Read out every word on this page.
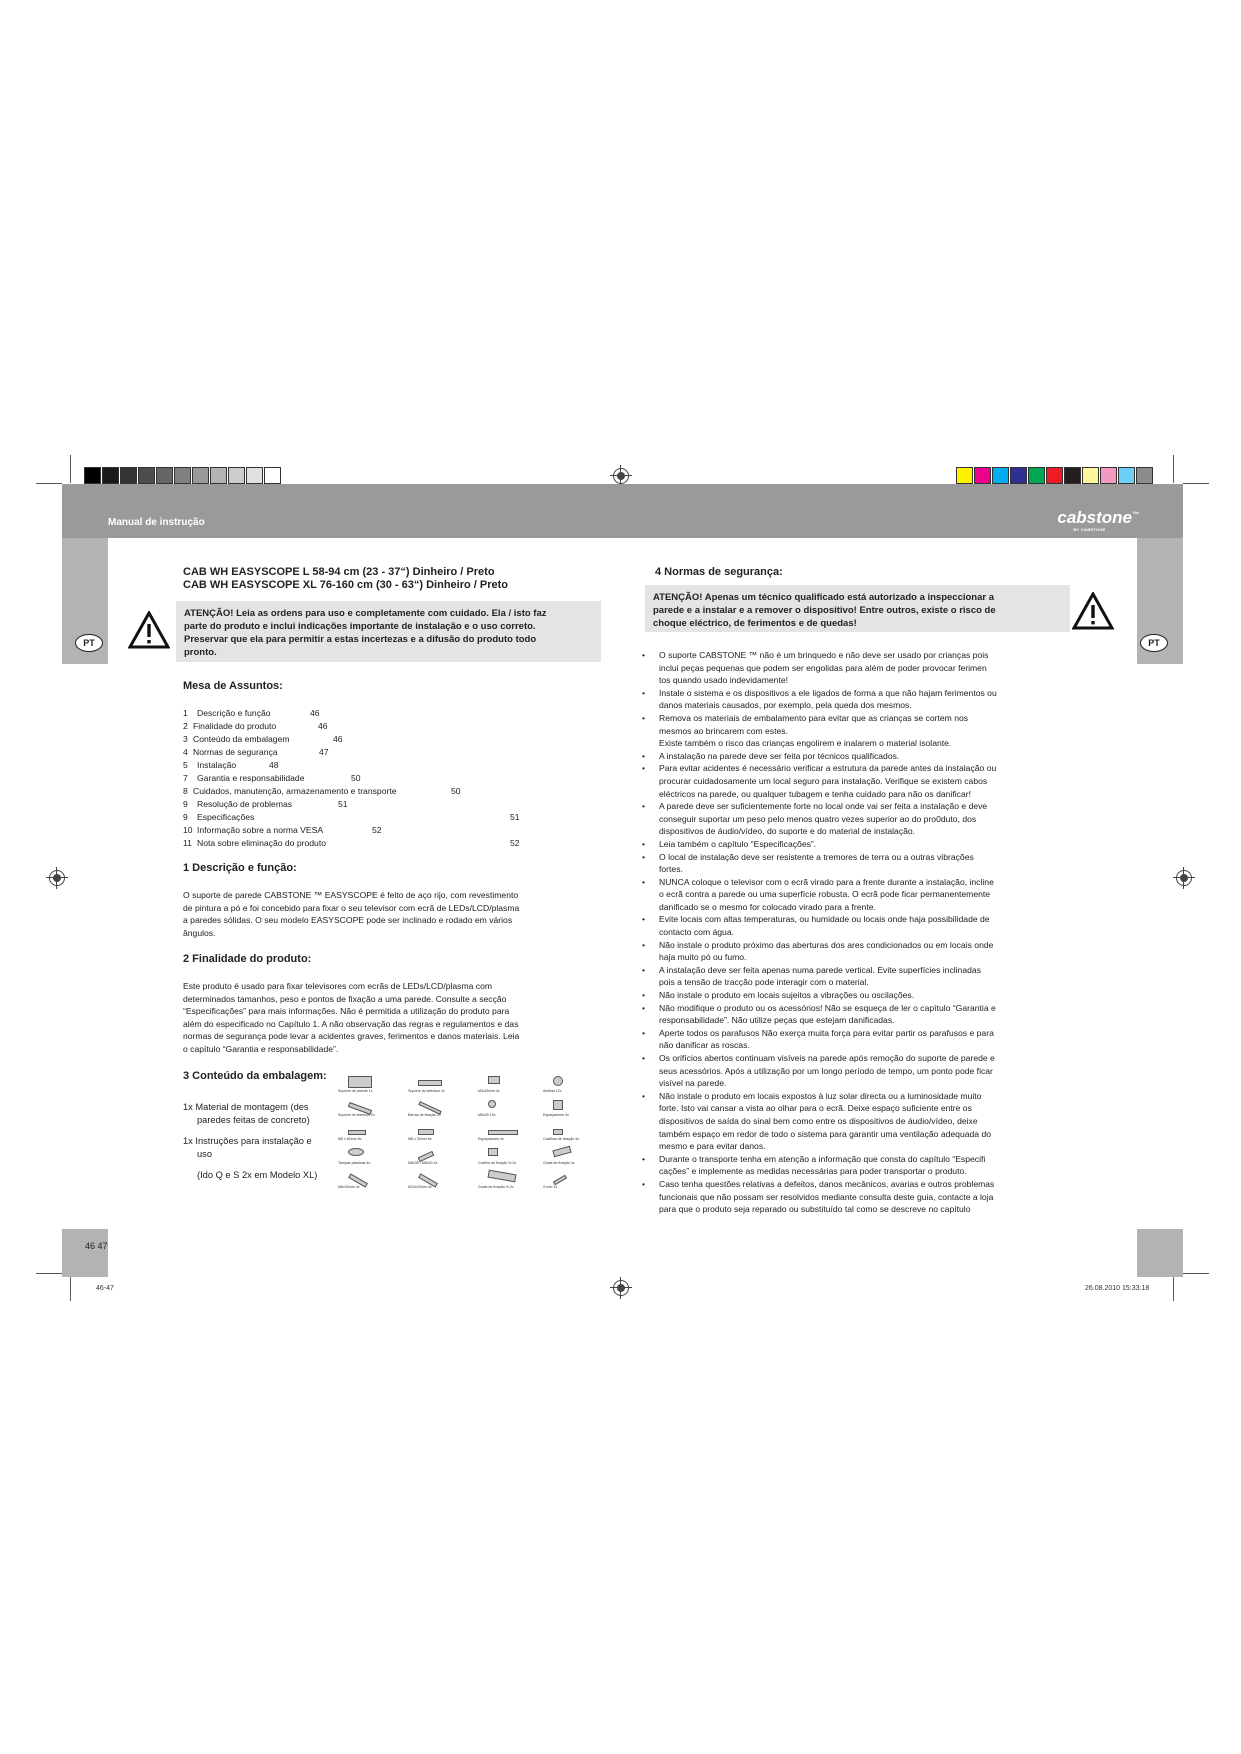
Manual de instrução	cabstone™
BY CABSTONE
PT	PT
CAB WH EASYSCOPE L 58-94 cm (23 - 37“) Dinheiro / Preto
CAB WH EASYSCOPE XL 76-160 cm (30 - 63“) Dinheiro / Preto
ATENÇÃO! Leia as ordens para uso e completamente com cuidado. Ela / isto faz
parte do produto e inclui indicações importante de instalação e o uso correto.
Preservar que ela para permitir a estas incertezas e a difusão do produto todo
pronto.
Mesa de Assuntos:
1 Descrição e função	46
2 Finalidade do produto	46
3 Conteúdo da embalagem	46
4 Normas de segurança	47
5 Instalação	48
7 Garantia e responsabilidade	50
8 Cuidados, manutenção, armazenamento e transporte	50
9 Resolução de problemas	51
9 Especificações	51
10 Informação sobre a norma VESA	52
11 Nota sobre eliminação do produto	52
1 Descrição e função:
O suporte de parede CABSTONE ™ EASYSCOPE é feito de aço rijo, com revestimento
de pintura a pó e foi concebido para fixar o seu televisor com ecrã de LEDs/LCD/plasma
a paredes sólidas. O seu modelo EASYSCOPE pode ser inclinado e rodado em vários
ângulos.
2 Finalidade do produto:
Este produto é usado para fixar televisores com ecrãs de LEDs/LCD/plasma com
determinados tamanhos, peso e pontos de fixação a uma parede. Consulte a secção
“Especificações” para mais informações. Não é permitida a utilização do produto para
além do especificado no Capítulo 1. A não observação das regras e regulamentos e das
normas de segurança pode levar a acidentes graves, ferimentos e danos materiais. Leia
o capítulo “Garantia e responsabilidade”.
3 Conteúdo da embalagem:
1x Material de montagem (des
paredes feitas de concreto)
1x Instruções para instalação e
uso
(Ido Q e S 2x em Modelo XL)
Suporte de parede 1x	Suporte do televisor 2x	M4x25mm 4x	Anilhas 12x
Suporte do televisor 2x	Barras de fixação 2x	M5x25 10x	Espaçadores 4x
M6 x 60mm 8x	M8 x 30mm 8x	Espaçadores 4x	Cavilhas de fixação 4x
Tampas plásticas 4x	M8x35 / M8x40 4x	Cavilha de fixação ½-2x	Guias de fixação 4x
M6x30mm 4x	M10x20mm 4x	Guias de fixação ½-2x	S mm 1x
4 Normas de segurança:
ATENÇÃO! Apenas um técnico qualificado está autorizado a inspeccionar a
parede e a instalar e a remover o dispositivo! Entre outros, existe o risco de
choque eléctrico, de ferimentos e de quedas!
• O suporte CABSTONE ™ não é um brinquedo e não deve ser usado por crianças pois
inclui peças pequenas que podem ser engolidas para além de poder provocar ferimen
tos quando usado indevidamente!
• Instale o sistema e os dispositivos a ele ligados de forma a que não hajam ferimentos ou
danos materiais causados, por exemplo, pela queda dos mesmos.
• Remova os materiais de embalamento para evitar que as crianças se cortem nos
mesmos ao brincarem com estes.
Existe também o risco das crianças engolirem e inalarem o material isolante.
• A instalação na parede deve ser feita por técnicos qualificados.
• Para evitar acidentes é necessário verificar a estrutura da parede antes da instalação ou
procurar cuidadosamente um local seguro para instalação. Verifique se existem cabos
eléctricos na parede, ou qualquer tubagem e tenha cuidado para não os danificar!
• A parede deve ser suficientemente forte no local onde vai ser feita a instalação e deve
conseguir suportar um peso pelo menos quatro vezes superior ao do pro0duto, dos
dispositivos de áudio/vídeo, do suporte e do material de instalação.
• Leia também o capítulo “Especificações”.
• O local de instalação deve ser resistente a tremores de terra ou a outras vibrações
fortes.
• NUNCA coloque o televisor com o ecrã virado para a frente durante a instalação, incline
o ecrã contra a parede ou uma superfície robusta. O ecrã pode ficar permanentemente
danificado se o mesmo for colocado virado para a frente.
• Evite locais com altas temperaturas, ou humidade ou locais onde haja possibilidade de
contacto com água.
• Não instale o produto próximo das aberturas dos ares condicionados ou em locais onde
haja muito pó ou fumo.
• A instalação deve ser feita apenas numa parede vertical. Evite superfícies inclinadas
pois a tensão de tracção pode interagir com o material.
• Não instale o produto em locais sujeitos a vibrações ou oscilações.
• Não modifique o produto ou os acessórios! Não se esqueça de ler o capítulo “Garantia e
responsabilidade”. Não utilize peças que estejam danificadas.
• Aperte todos os parafusos Não exerça muita força para evitar partir os parafusos e para
não danificar as roscas.
• Os orifícios abertos continuam visíveis na parede após remoção do suporte de parede e
seus acessórios. Após a utilização por um longo período de tempo, um ponto pode ficar
visível na parede.
• Não instale o produto em locais expostos à luz solar directa ou a luminosidade muito
forte. Isto vai cansar a vista ao olhar para o ecrã. Deixe espaço suficiente entre os
dispositivos de saída do sinal bem como entre os dispositivos de áudio/vídeo, deixe
também espaço em redor de todo o sistema para garantir uma ventilação adequada do
mesmo e para evitar danos.
• Durante o transporte tenha em atenção a informação que consta do capítulo “Especifi
cações” e implemente as medidas necessárias para poder transportar o produto.
• Caso tenha questões relativas a defeitos, danos mecânicos, avarias e outros problemas
funcionais que não possam ser resolvidos mediante consulta deste guia, contacte a loja
para que o produto seja reparado ou substituído tal como se descreve no capítulo
46 47
46-47	26.08.2010 15:33:18
